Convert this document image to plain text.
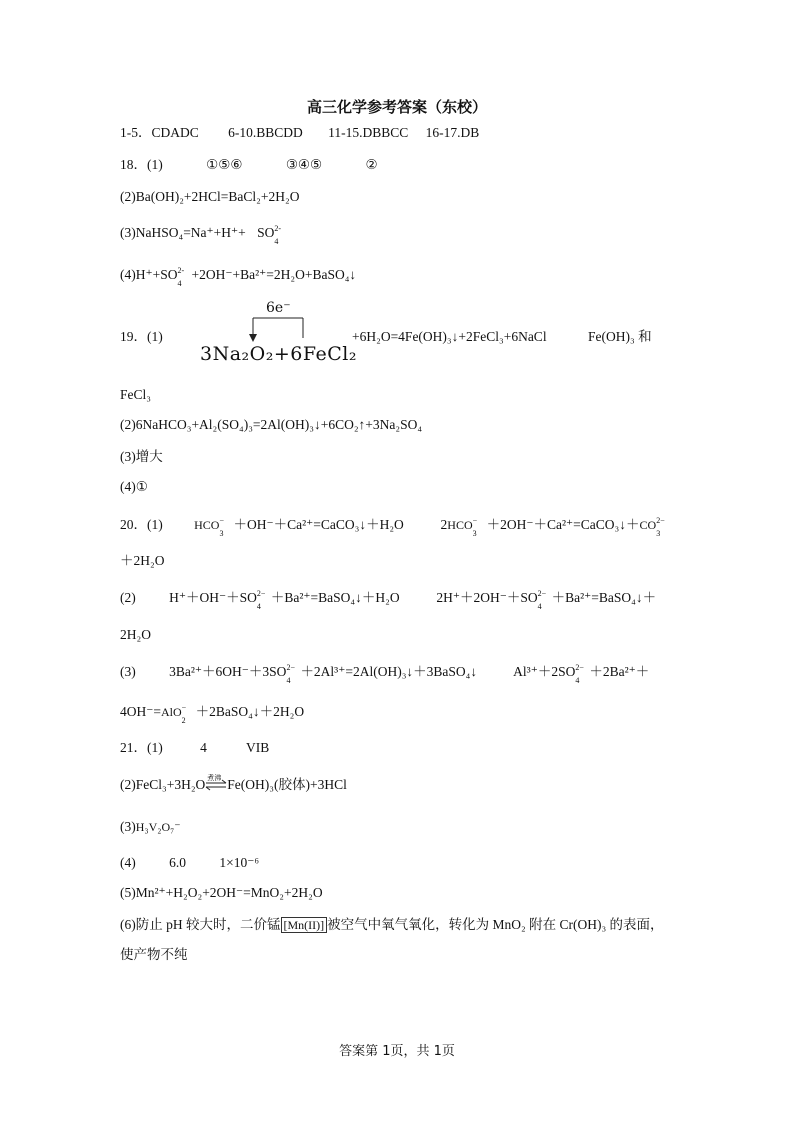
高三化学参考答案（东校）
1-5．CDADC 6-10.BBCDD 11-15.DBBCC 16-17.DB
18．(1)	①⑤⑥	③④⑤	②
(2)Ba(OH)₂+2HCl=BaCl₂+2H₂O
(3)NaHSO₄=Na⁺+H⁺+ SO 2-
4
(4)H⁺+SO 2-
4
+2OH⁻+Ba²⁺=2H₂O+BaSO₄↓
19．(1)
6e⁻
3Na₂O₂+6FeCl₂
+6H₂O=4Fe(OH)₃↓+2FeCl₃+6NaCl	Fe(OH)₃ 和
FeCl₃
(2)6NaHCO₃+Al₂(SO₄)₃=2Al(OH)₃↓+6CO₂↑+3Na₂SO₄
(3)增大
(4)①
20．(1)	HCO −
3
＋OH⁻＋Ca²⁺=CaCO₃↓＋H₂O	2HCO −
3
＋2OH⁻＋Ca²⁺=CaCO₃↓＋CO 2−
3
＋2H₂O
(2) H⁺＋OH⁻＋SO 2−
4
＋Ba²⁺=BaSO₄↓＋H₂O	2H⁺＋2OH⁻＋SO 2−
4
＋Ba²⁺=BaSO₄↓＋
2H₂O
(3) 3Ba²⁺＋6OH⁻＋3SO 2−
4
＋2Al³⁺=2Al(OH)₃↓＋3BaSO₄↓	Al³⁺＋2SO 2−
4
＋2Ba²⁺＋
4OH⁻=AlO −
2
＋2BaSO₄↓＋2H₂O
21．(1)	4	VIB
(2)FeCl₃+3H₂O 煮沸 Fe(OH)₃(胶体)+3HCl
(3)H₃V₂O₇⁻
(4) 6.0 1×10⁻⁶
(5)Mn²⁺+H₂O₂+2OH⁻=MnO₂+2H₂O
(6)防止 pH 较大时，二价锰 [Mn(II)] 被空气中氧气氧化，转化为 MnO₂ 附在 Cr(OH)₃ 的表面，
使产物不纯
答案第 1页，共 1页
